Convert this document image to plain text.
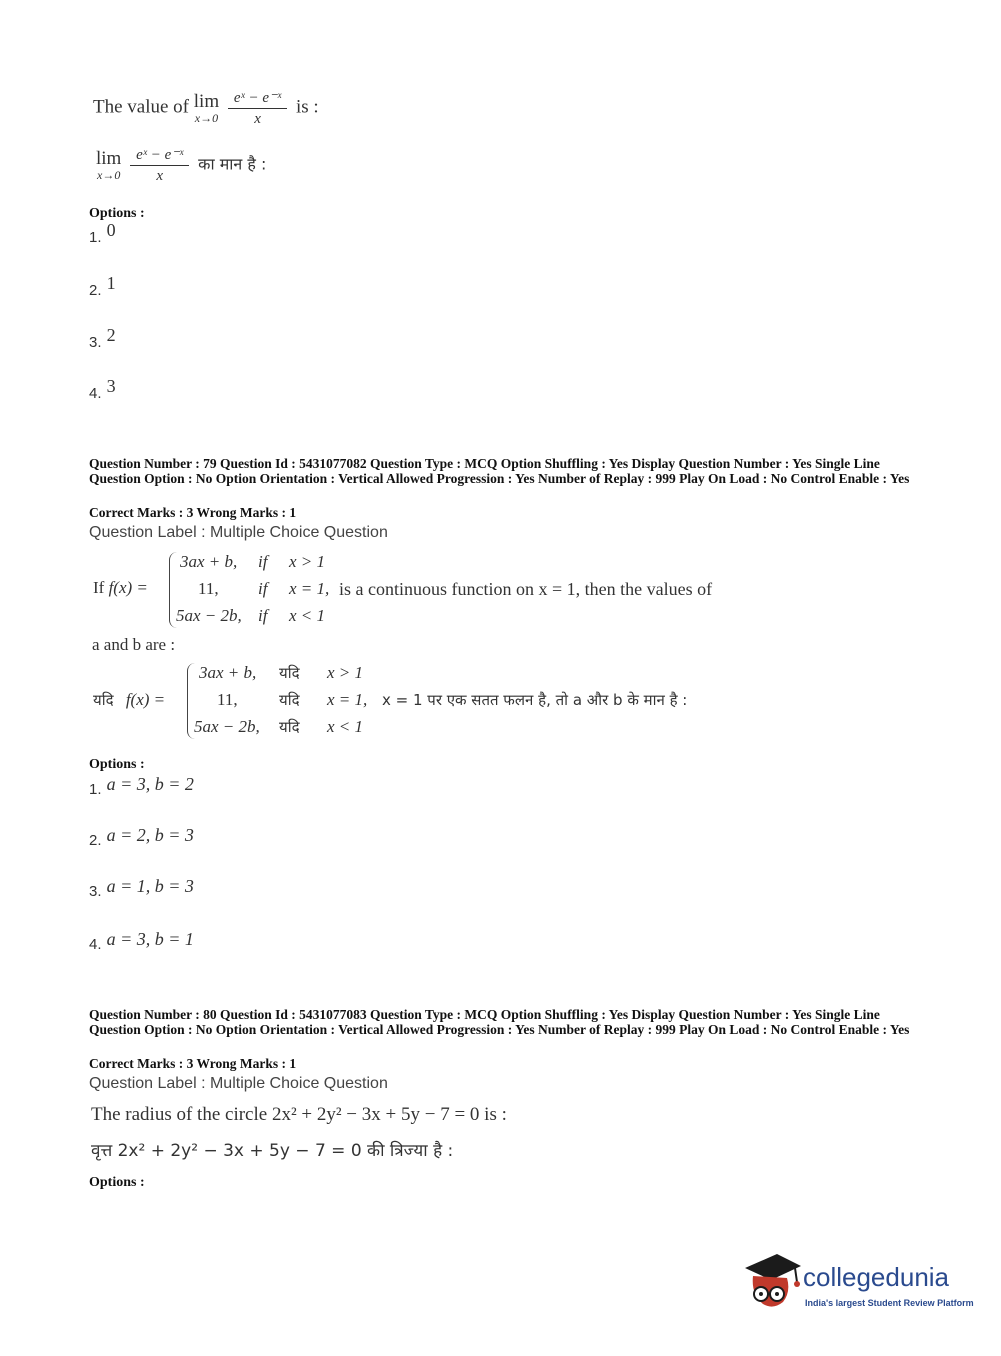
The value of lim
x→0
$\frac{\text{eˣ − e⁻ˣ}}{x}$ is :
lim
x→0
$\frac{\text{eˣ − e⁻ˣ}}{x}$ का मान है :
Options :
1. 0
2. 1
3. 2
4. 3
Question Number : 79 Question Id : 5431077082 Question Type : MCQ Option Shuffling : Yes Display Question Number : Yes Single Line Question Option : No Option Orientation : Vertical Allowed Progression : Yes Number of Replay : 999 Play On Load : No Control Enable : Yes
Correct Marks : 3 Wrong Marks : 1
Question Label : Multiple Choice Question
If f(x) =
3ax + b, if x > 1
11, if x = 1,
5ax − 2b, if x < 1
is a continuous function on x = 1, then the values of
a and b are :
यदि f(x) =
3ax + b, यदि x > 1
11,	यदि x = 1,
5ax − 2b, यदि x < 1
x = 1 पर एक सतत फलन है, तो a और b के मान है :
Options :
1. a = 3, b = 2
2. a = 2, b = 3
3. a = 1, b = 3
4. a = 3, b = 1
Question Number : 80 Question Id : 5431077083 Question Type : MCQ Option Shuffling : Yes Display Question Number : Yes Single Line Question Option : No Option Orientation : Vertical Allowed Progression : Yes Number of Replay : 999 Play On Load : No Control Enable : Yes
Correct Marks : 3 Wrong Marks : 1
Question Label : Multiple Choice Question
The radius of the circle 2x² + 2y² − 3x + 5y − 7 = 0 is :
वृत्त 2x² + 2y² − 3x + 5y − 7 = 0 की त्रिज्या है :
Options :
collegedunia
India's largest Student Review Platform
